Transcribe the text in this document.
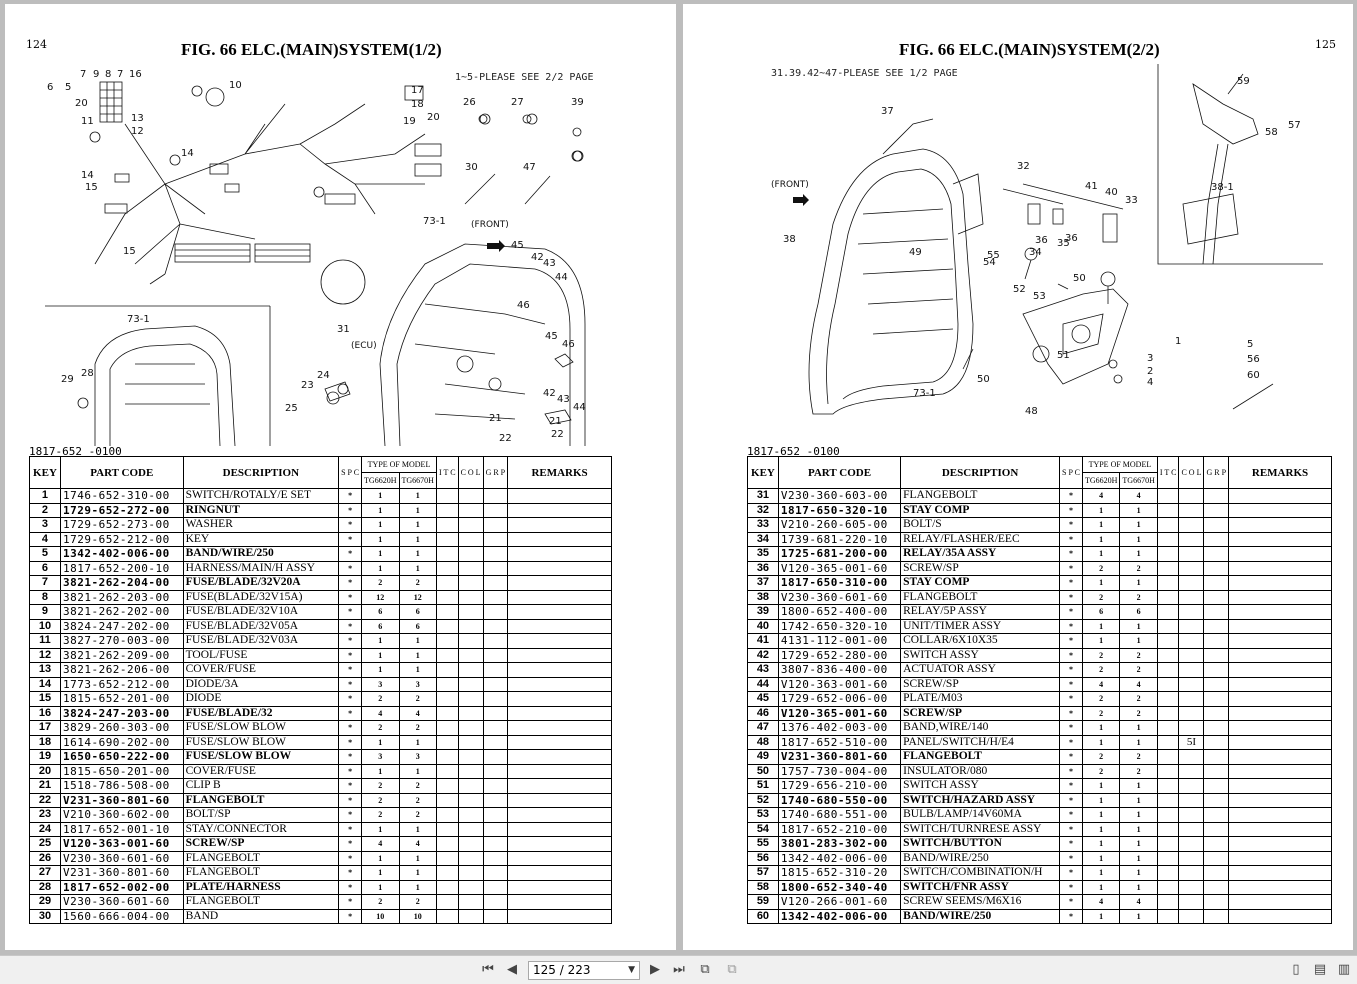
124	FIG. 66 ELC.(MAIN)SYSTEM(1/2)
1~5-PLEASE SEE 2/2 PAGE
7
5
9 8 7 16
6
20
10	17
18
19 20
11	13
12
26	27	39
14
14
15
30	47
73-1	(FRONT)
45
42
43
44
46
15
73-1
31
(ECU)
45
46
29
28
23
24
25
42
43
44
21	21
22	22
1817-652 -0100
KEY	PART CODE	DESCRIPTION	S P C	TYPE OF MODEL		I T C	C O L	G R P	REMARKS
				TG6620H	TG6670H				
1	1746-652-310-00	SWITCH/ROTALY/E SET	*	1	1				
2	1729-652-272-00	RINGNUT	*	1	1				
3	1729-652-273-00	WASHER	*	1	1				
4	1729-652-212-00	KEY	*	1	1				
5	1342-402-006-00	BAND/WIRE/250	*	1	1				
6	1817-652-200-10	HARNESS/MAIN/H ASSY	*	1	1				
7	3821-262-204-00	FUSE/BLADE/32V20A	*	2	2				
8	3821-262-203-00	FUSE(BLADE/32V15A)	*	12	12				
9	3821-262-202-00	FUSE/BLADE/32V10A	*	6	6				
10	3824-247-202-00	FUSE/BLADE/32V05A	*	6	6				
11	3827-270-003-00	FUSE/BLADE/32V03A	*	1	1				
12	3821-262-209-00	TOOL/FUSE	*	1	1				
13	3821-262-206-00	COVER/FUSE	*	1	1				
14	1773-652-212-00	DIODE/3A	*	3	3				
15	1815-652-201-00	DIODE	*	2	2				
16	3824-247-203-00	FUSE/BLADE/32	*	4	4				
17	3829-260-303-00	FUSE/SLOW BLOW	*	2	2				
18	1614-690-202-00	FUSE/SLOW BLOW	*	1	1				
19	1650-650-222-00	FUSE/SLOW BLOW	*	3	3				
20	1815-650-201-00	COVER/FUSE	*	1	1				
21	1518-786-508-00	CLIP B	*	2	2				
22	V231-360-801-60	FLANGEBOLT	*	2	2				
23	V210-360-602-00	BOLT/SP	*	2	2				
24	1817-652-001-10	STAY/CONNECTOR	*	1	1				
25	V120-363-001-60	SCREW/SP	*	4	4				
26	V230-360-601-60	FLANGEBOLT	*	1	1				
27	V231-360-801-60	FLANGEBOLT	*	1	1				
28	1817-652-002-00	PLATE/HARNESS	*	1	1				
29	V230-360-601-60	FLANGEBOLT	*	2	2				
30	1560-666-004-00	BAND	*	10	10				
125
FIG. 66 ELC.(MAIN)SYSTEM(2/2)
31.39.42~47-PLEASE SEE 1/2 PAGE
37
(FRONT)
38
32
41
40
33
49
36 35
36
34
55
54
52
53
50
73-1
50
51
1
3
2
4
48
59
58
57
38-1
5
56
60
1817-652 -0100
KEY	PART CODE	DESCRIPTION	S P C	TYPE OF MODEL		I T C	C O L	G R P	REMARKS
				TG6620H	TG6670H				
31	V230-360-603-00	FLANGEBOLT	*	4	4				
32	1817-650-320-10	STAY COMP	*	1	1				
33	V210-260-605-00	BOLT/S	*	1	1				
34	1739-681-220-10	RELAY/FLASHER/EEC	*	1	1				
35	1725-681-200-00	RELAY/35A ASSY	*	1	1				
36	V120-365-001-60	SCREW/SP	*	2	2				
37	1817-650-310-00	STAY COMP	*	1	1				
38	V230-360-601-60	FLANGEBOLT	*	2	2				
39	1800-652-400-00	RELAY/5P ASSY	*	6	6				
40	1742-650-320-10	UNIT/TIMER ASSY	*	1	1				
41	4131-112-001-00	COLLAR/6X10X35	*	1	1				
42	1729-652-280-00	SWITCH ASSY	*	2	2				
43	3807-836-400-00	ACTUATOR ASSY	*	2	2				
44	V120-363-001-60	SCREW/SP	*	4	4				
45	1729-652-006-00	PLATE/M03	*	2	2				
46	V120-365-001-60	SCREW/SP	*	2	2				
47	1376-402-003-00	BAND,WIRE/140	*	1	1				
48	1817-652-510-00	PANEL/SWITCH/H/E4	*	1	1		5I		
49	V231-360-801-60	FLANGEBOLT	*	2	2				
50	1757-730-004-00	INSULATOR/080	*	2	2				
51	1729-656-210-00	SWITCH ASSY	*	1	1				
52	1740-680-550-00	SWITCH/HAZARD ASSY	*	1	1				
53	1740-680-551-00	BULB/LAMP/14V60MA	*	1	1				
54	1817-652-210-00	SWITCH/TURNRESE ASSY	*	1	1				
55	3801-283-302-00	SWITCH/BUTTON	*	1	1				
56	1342-402-006-00	BAND/WIRE/250	*	1	1				
57	1815-652-310-20	SWITCH/COMBINATION/H	*	1	1				
58	1800-652-340-40	SWITCH/FNR ASSY	*	1	1				
59	V120-266-001-60	SCREW SEEMS/M6X16	*	4	4				
60	1342-402-006-00	BAND/WIRE/250	*	1	1				
⏮ ◀	125 / 223	▼ ▶ ⏭ ⧉ ⧉	▯ ▤ ▥
